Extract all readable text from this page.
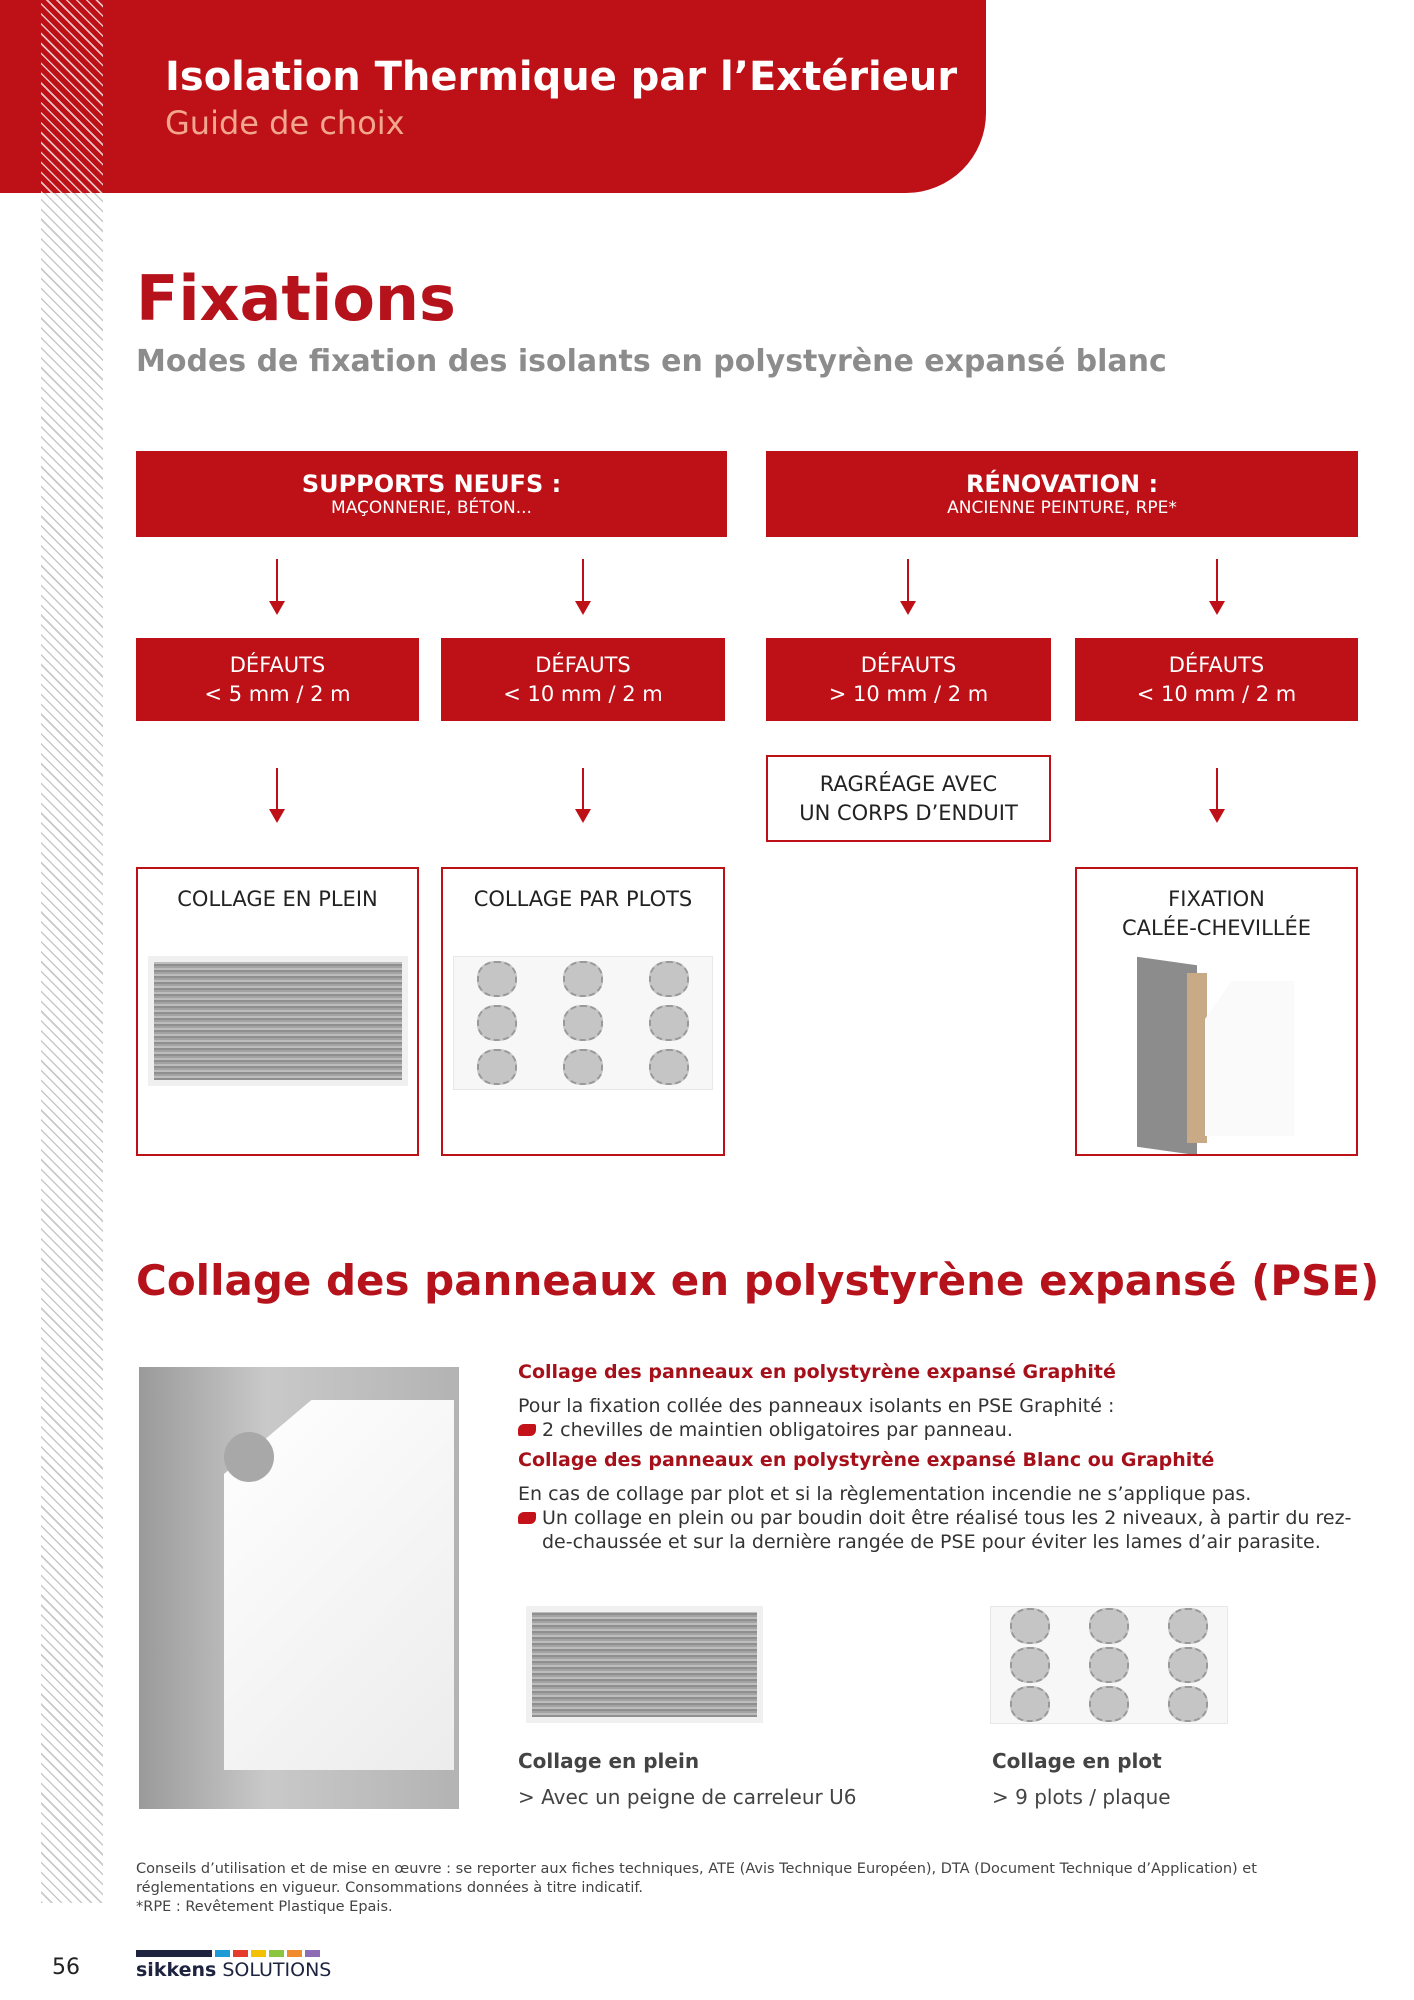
Isolation Thermique par l’Extérieur
Guide de choix
Fixations
Modes de fixation des isolants en polystyrène expansé blanc
SUPPORTS NEUFS :
MAÇONNERIE, BÉTON...
RÉNOVATION :
ANCIENNE PEINTURE, RPE*
DÉFAUTS
< 5 mm / 2 m
DÉFAUTS
< 10 mm / 2 m
DÉFAUTS
> 10 mm / 2 m
DÉFAUTS
< 10 mm / 2 m
RAGRÉAGE AVEC
UN CORPS D’ENDUIT
COLLAGE EN PLEIN	COLLAGE PAR PLOTS	FIXATION
CALÉE-CHEVILLÉE
Collage des panneaux en polystyrène expansé (PSE)
Collage des panneaux en polystyrène expansé Graphité
Pour la fixation collée des panneaux isolants en PSE Graphité :
2 chevilles de maintien obligatoires par panneau.
Collage des panneaux en polystyrène expansé Blanc ou Graphité
En cas de collage par plot et si la règlementation incendie ne s’applique pas.
Un collage en plein ou par boudin doit être réalisé tous les 2 niveaux, à partir du rez-de-chaussée et sur la dernière rangée de PSE pour éviter les lames d’air parasite.
Collage en plein
> Avec un peigne de carreleur U6
Collage en plot
> 9 plots / plaque
Conseils d’utilisation et de mise en œuvre : se reporter aux fiches techniques, ATE (Avis Technique Européen), DTA (Document Technique d’Application) et réglementations en vigueur. Consommations données à titre indicatif.
*RPE : Revêtement Plastique Epais.
56	sikkens SOLUTIONS
